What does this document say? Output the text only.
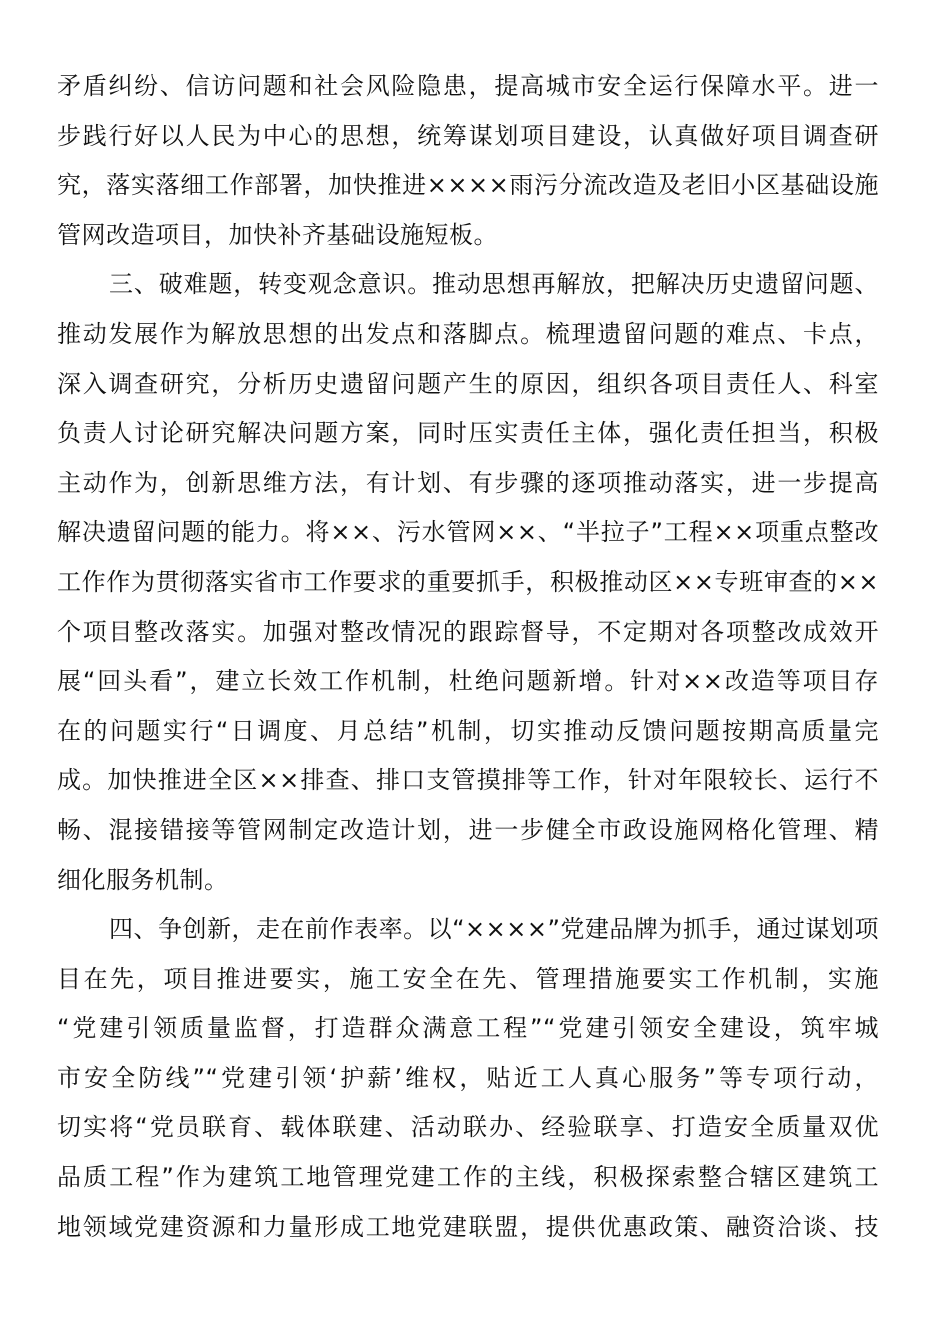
矛盾纠纷、信访问题和社会风险隐患，提高城市安全运行保障水平。进一
步践行好以人民为中心的思想，统筹谋划项目建设，认真做好项目调查研
究，落实落细工作部署，加快推进××××雨污分流改造及老旧小区基础设施
管网改造项目，加快补齐基础设施短板。
三、破难题，转变观念意识。推动思想再解放，把解决历史遗留问题、
推动发展作为解放思想的出发点和落脚点。梳理遗留问题的难点、卡点，
深入调查研究，分析历史遗留问题产生的原因，组织各项目责任人、科室
负责人讨论研究解决问题方案，同时压实责任主体，强化责任担当，积极
主动作为，创新思维方法，有计划、有步骤的逐项推动落实，进一步提高
解决遗留问题的能力。将××、污水管网××、“半拉子”工程××项重点整改
工作作为贯彻落实省市工作要求的重要抓手，积极推动区××专班审查的××
个项目整改落实。加强对整改情况的跟踪督导，不定期对各项整改成效开
展“回头看”，建立长效工作机制，杜绝问题新增。针对××改造等项目存
在的问题实行“日调度、月总结”机制，切实推动反馈问题按期高质量完
成。加快推进全区××排查、排口支管摸排等工作，针对年限较长、运行不
畅、混接错接等管网制定改造计划，进一步健全市政设施网格化管理、精
细化服务机制。
四、争创新，走在前作表率。以“××××”党建品牌为抓手，通过谋划项
目在先，项目推进要实，施工安全在先、管理措施要实工作机制，实施
“党建引领质量监督，打造群众满意工程”“党建引领安全建设，筑牢城
市安全防线”“党建引领‘护薪’维权，贴近工人真心服务”等专项行动，
切实将“党员联育、载体联建、活动联办、经验联享、打造安全质量双优
品质工程”作为建筑工地管理党建工作的主线，积极探索整合辖区建筑工
地领域党建资源和力量形成工地党建联盟，提供优惠政策、融资洽谈、技
